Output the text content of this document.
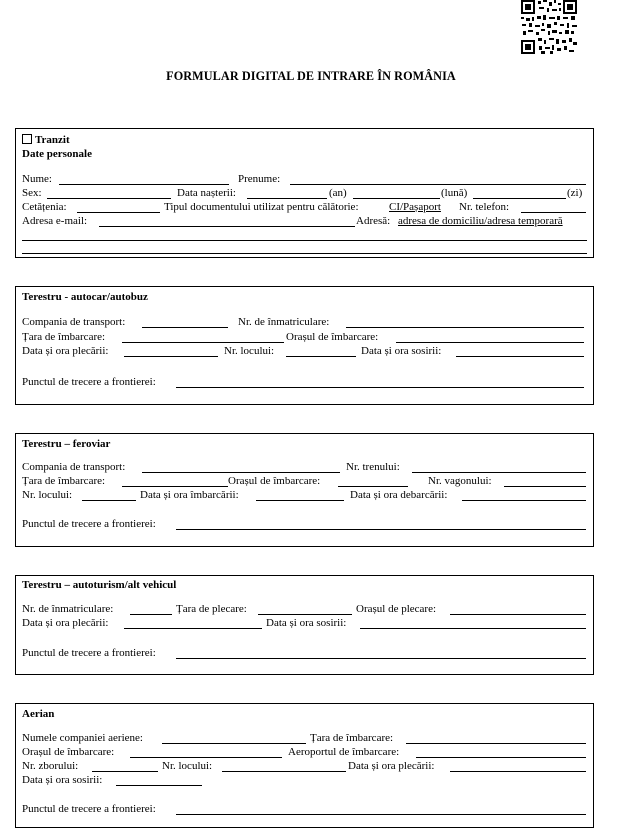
FORMULAR DIGITAL DE INTRARE ÎN ROMÂNIA
Tranzit
Date personale
Nume:	Prenume:
Sex:	Data nașterii:	(an)	(lună)	(zi)
Cetățenia:	Tipul documentului utilizat pentru călătorie:	CI/Pașaport Nr. telefon:
Adresa e-mail:	Adresă: adresa de domiciliu/adresa temporară
Terestru - autocar/autobuz
Compania de transport:	Nr. de înmatriculare:
Țara de îmbarcare:	Orașul de îmbarcare:
Data și ora plecării:	Nr. locului:	Data și ora sosirii:
Punctul de trecere a frontierei:
Terestru – feroviar
Compania de transport:	Nr. trenului:
Țara de îmbarcare:	Orașul de îmbarcare:	Nr. vagonului:
Nr. locului:	Data și ora îmbarcării:	Data și ora debarcării:
Punctul de trecere a frontierei:
Terestru – autoturism/alt vehicul
Nr. de înmatriculare:	Țara de plecare:	Orașul de plecare:
Data și ora plecării:	Data și ora sosirii:
Punctul de trecere a frontierei:
Aerian
Numele companiei aeriene:	Țara de îmbarcare:
Orașul de îmbarcare:	Aeroportul de îmbarcare:
Nr. zborului:	Nr. locului:	Data și ora plecării:
Data și ora sosirii:
Punctul de trecere a frontierei:
